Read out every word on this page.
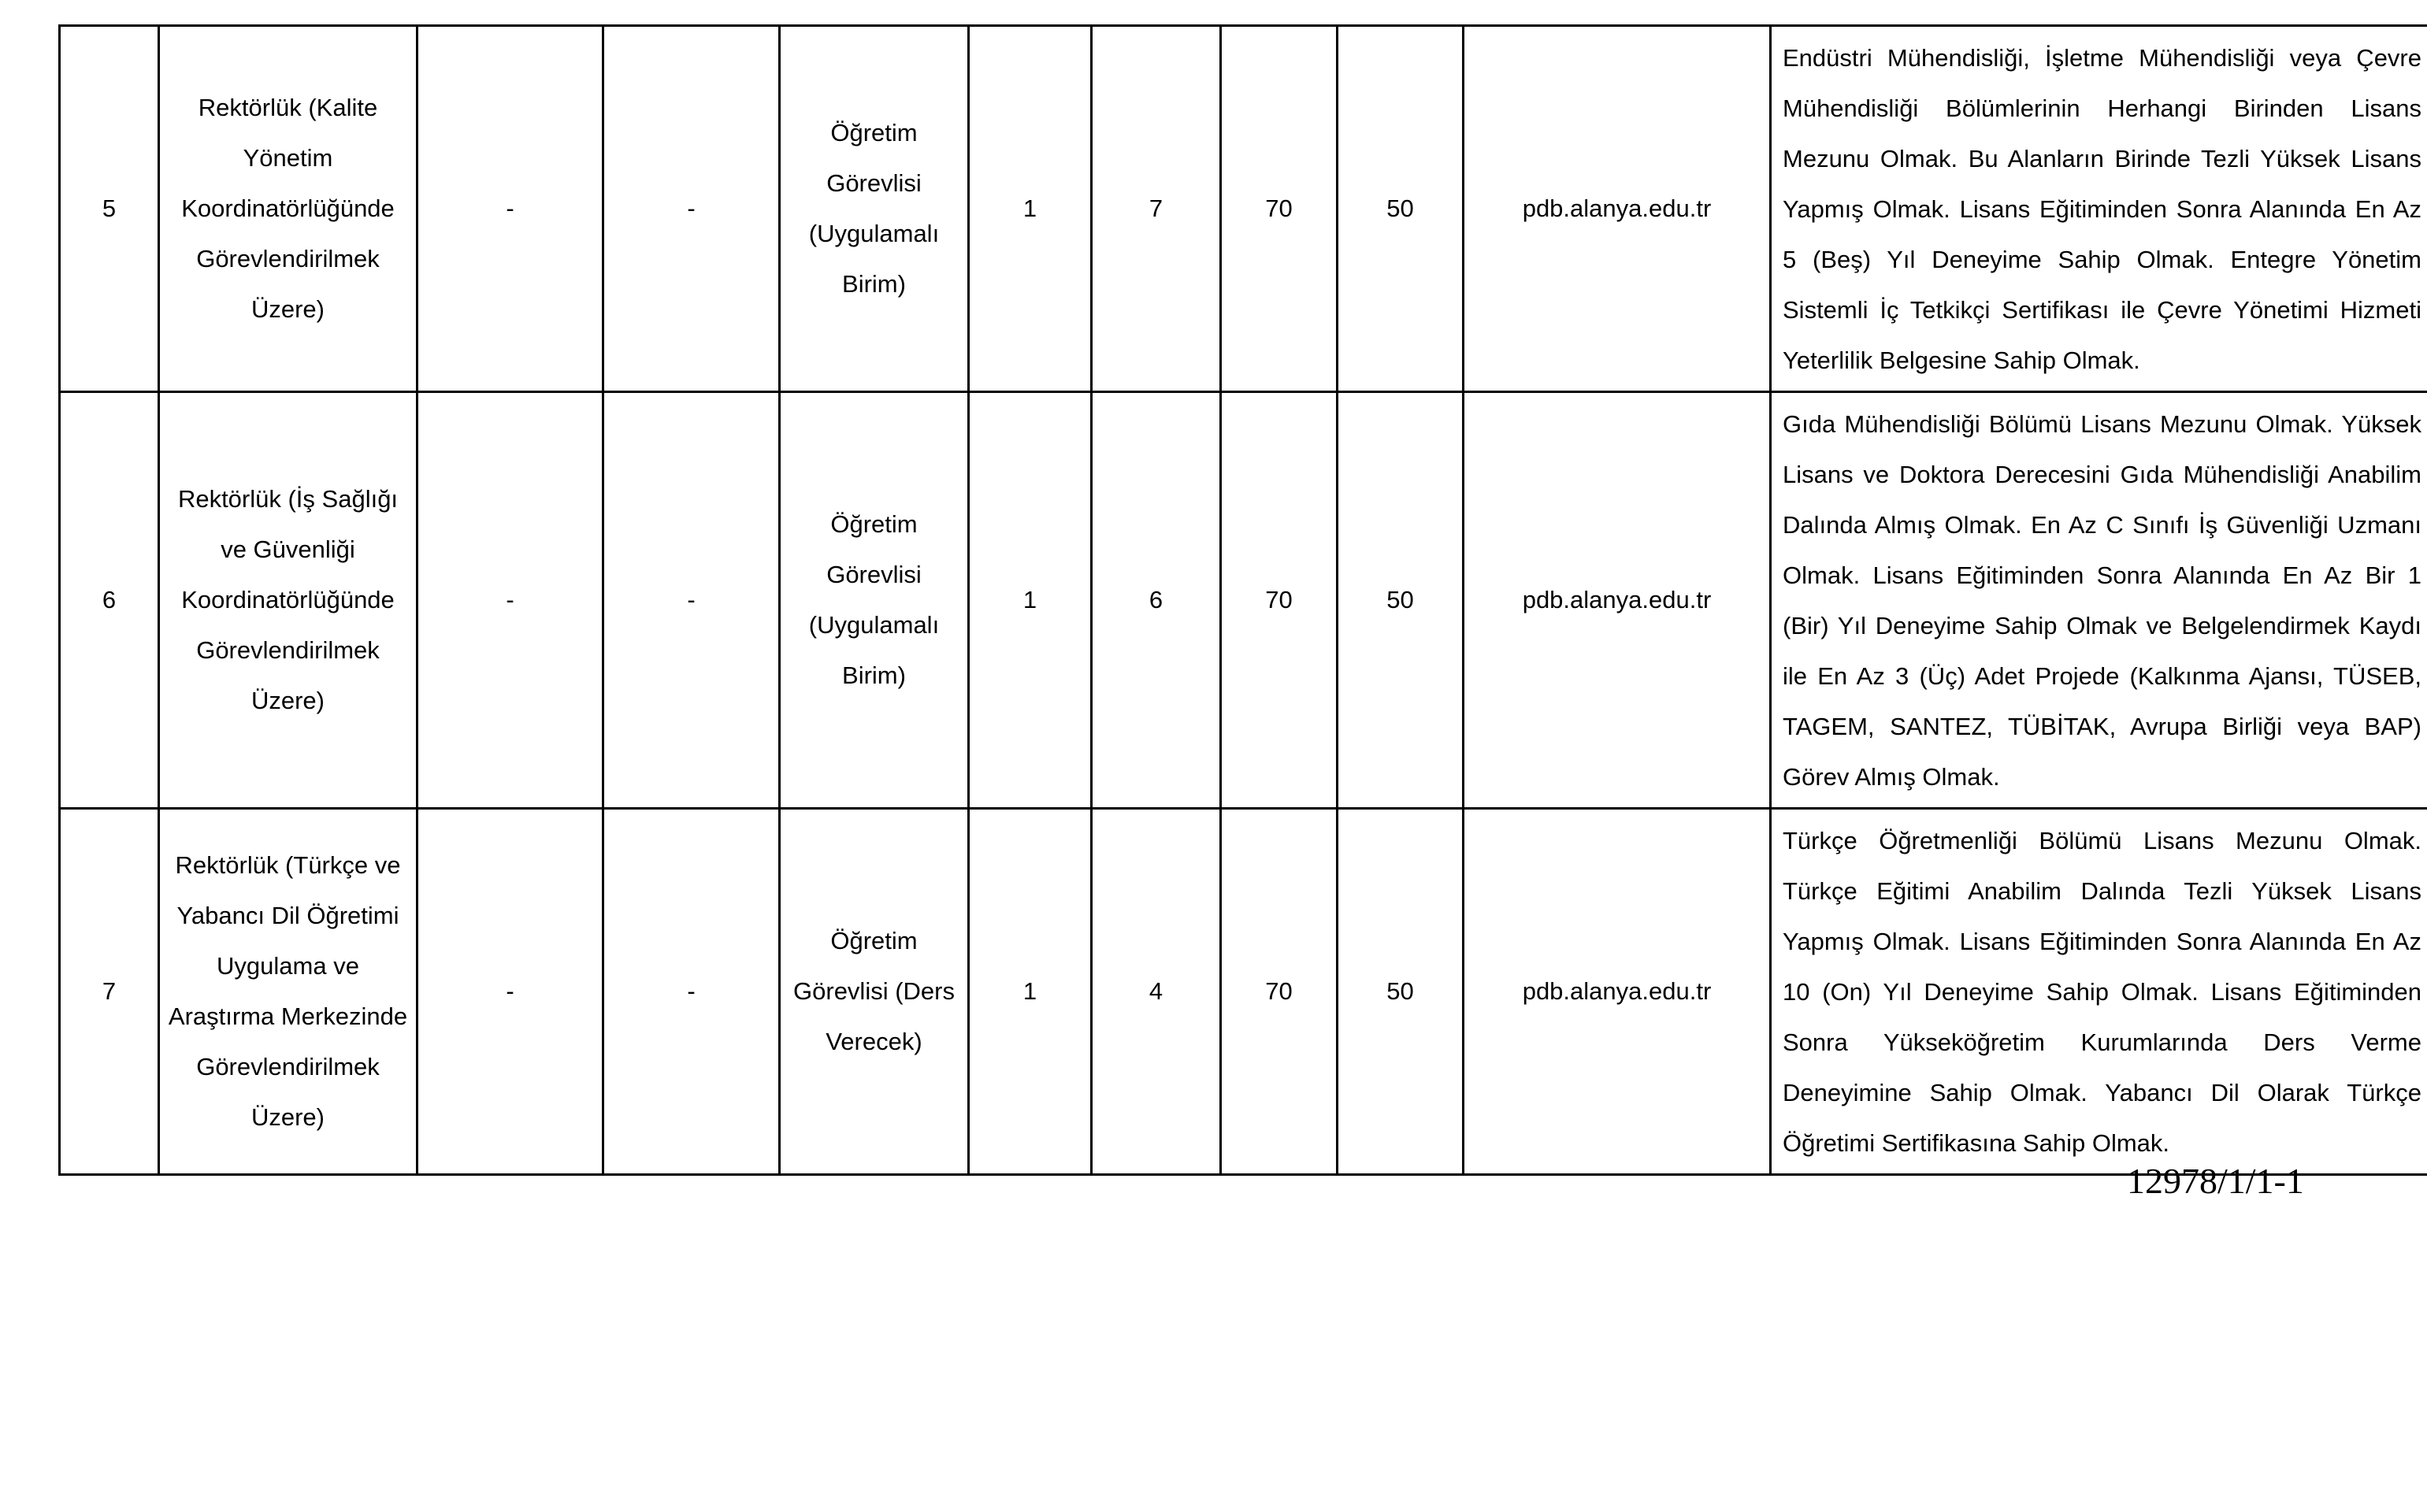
5	Rektörlük (Kalite Yönetim Koordinatörlüğünde Görevlendirilmek Üzere)	-	-	Öğretim Görevlisi (Uygulamalı Birim)	1	7	70	50	pdb.alanya.edu.tr	Endüstri Mühendisliği, İşletme Mühendisliği veya Çevre Mühendisliği Bölümlerinin Herhangi Birinden Lisans Mezunu Olmak. Bu Alanların Birinde Tezli Yüksek Lisans Yapmış Olmak. Lisans Eğitiminden Sonra Alanında En Az 5 (Beş) Yıl Deneyime Sahip Olmak. Entegre Yönetim Sistemli İç Tetkikçi Sertifikası ile Çevre Yönetimi Hizmeti Yeterlilik Belgesine Sahip Olmak.
6	Rektörlük (İş Sağlığı ve Güvenliği Koordinatörlüğünde Görevlendirilmek Üzere)	-	-	Öğretim Görevlisi (Uygulamalı Birim)	1	6	70	50	pdb.alanya.edu.tr	Gıda Mühendisliği Bölümü Lisans Mezunu Olmak. Yüksek Lisans ve Doktora Derecesini Gıda Mühendisliği Anabilim Dalında Almış Olmak. En Az C Sınıfı İş Güvenliği Uzmanı Olmak. Lisans Eğitiminden Sonra Alanında En Az Bir 1 (Bir) Yıl Deneyime Sahip Olmak ve Belgelendirmek Kaydı ile En Az 3 (Üç) Adet Projede (Kalkınma Ajansı, TÜSEB, TAGEM, SANTEZ, TÜBİTAK, Avrupa Birliği veya BAP) Görev Almış Olmak.
7	Rektörlük (Türkçe ve Yabancı Dil Öğretimi Uygulama ve Araştırma Merkezinde Görevlendirilmek Üzere)	-	-	Öğretim Görevlisi (Ders Verecek)	1	4	70	50	pdb.alanya.edu.tr	Türkçe Öğretmenliği Bölümü Lisans Mezunu Olmak. Türkçe Eğitimi Anabilim Dalında Tezli Yüksek Lisans Yapmış Olmak. Lisans Eğitiminden Sonra Alanında En Az 10 (On) Yıl Deneyime Sahip Olmak. Lisans Eğitiminden Sonra Yükseköğretim Kurumlarında Ders Verme Deneyimine Sahip Olmak. Yabancı Dil Olarak Türkçe Öğretimi Sertifikasına Sahip Olmak.
12978/1/1-1
